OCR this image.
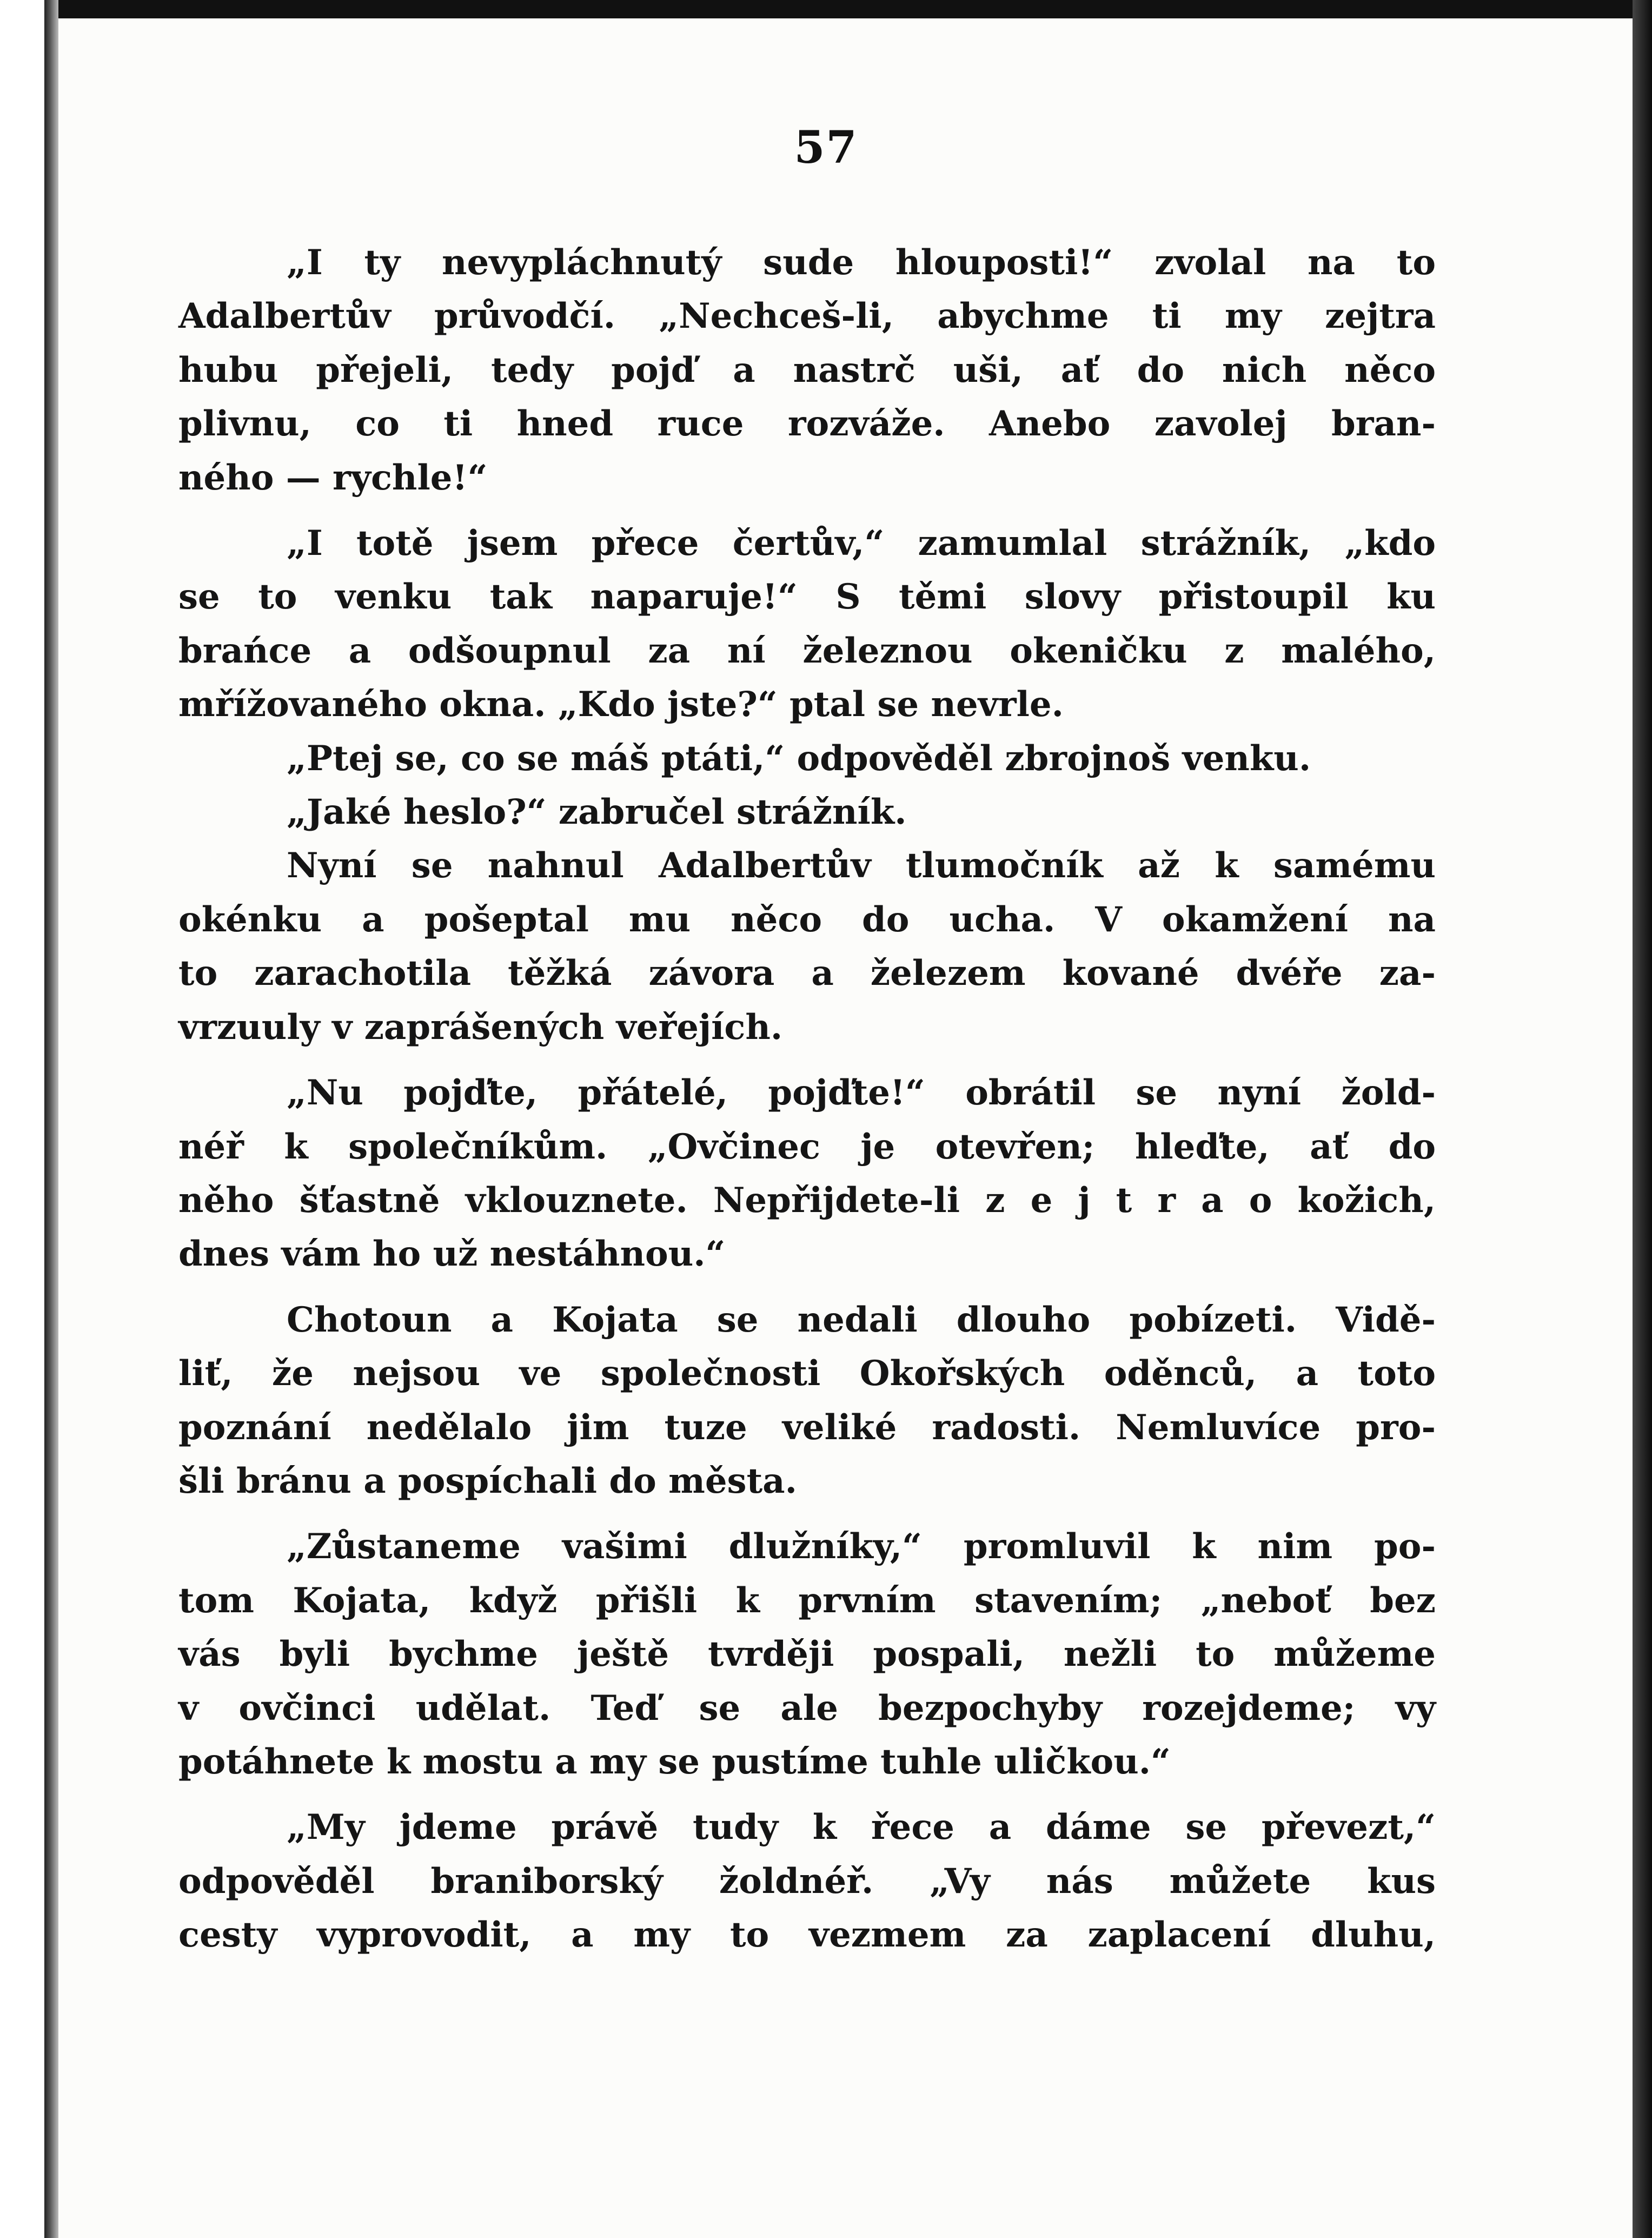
57
„I ty nevypláchnutý sude hlouposti!“ zvolal na to
Adalbertův průvodčí. „Nechceš-li, abychme ti my zejtra
hubu přejeli, tedy pojď a nastrč uši, ať do nich něco
plivnu, co ti hned ruce rozváže. Anebo zavolej bran-
ného — rychle!“
„I totě jsem přece čertův,“ zamumlal strážník, „kdo
se to venku tak naparuje!“ S těmi slovy přistoupil ku
brańce a odšoupnul za ní železnou okeničku z malého,
mřížovaného okna. „Kdo jste?“ ptal se nevrle.
„Ptej se, co se máš ptáti,“ odpověděl zbrojnoš venku.
„Jaké heslo?“ zabručel strážník.
Nyní se nahnul Adalbertův tlumočník až k samému
okénku a pošeptal mu něco do ucha. V okamžení na
to zarachotila těžká závora a železem kované dvéře za-
vrzuuly v zaprášených veřejích.
„Nu pojďte, přátelé, pojďte!“ obrátil se nyní žold-
néř k společníkům. „Ovčinec je otevřen; hleďte, ať do
něho šťastně vklouznete. Nepřijdete-li z e j t r a o kožich,
dnes vám ho už nestáhnou.“
Chotoun a Kojata se nedali dlouho pobízeti. Vidě-
liť, že nejsou ve společnosti Okořských oděnců, a toto
poznání nedělalo jim tuze veliké radosti. Nemluvíce pro-
šli bránu a pospíchali do města.
„Zůstaneme vašimi dlužníky,“ promluvil k nim po-
tom Kojata, když přišli k prvním stavením; „neboť bez
vás byli bychme ještě tvrději pospali, nežli to můžeme
v ovčinci udělat. Teď se ale bezpochyby rozejdeme; vy
potáhnete k mostu a my se pustíme tuhle uličkou.“
„My jdeme právě tudy k řece a dáme se převezt,“
odpověděl braniborský žoldnéř. „Vy nás můžete kus
cesty vyprovodit, a my to vezmem za zaplacení dluhu,
